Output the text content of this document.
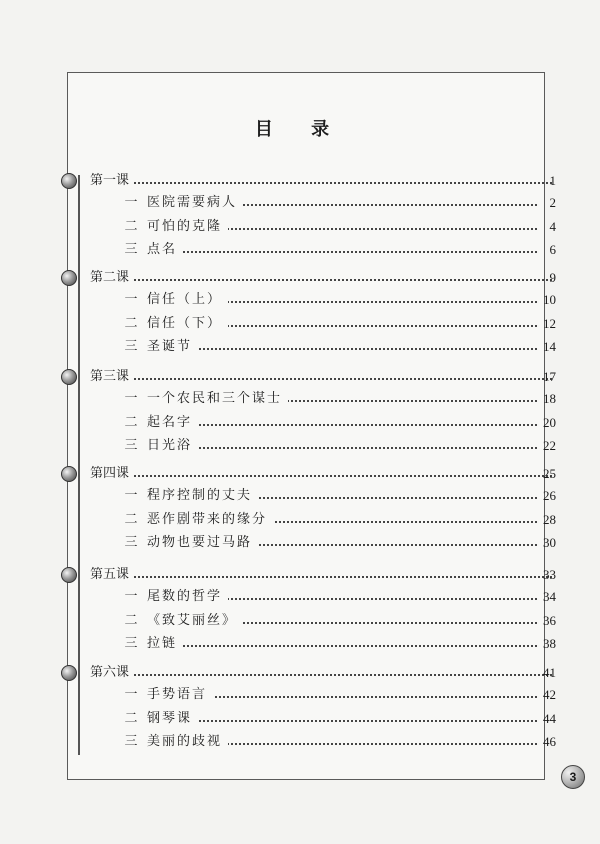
目 录
第一课	1
一 医院需要病人	2
二 可怕的克隆	4
三 点名	6
第二课	9
一 信任（上）	10
二 信任（下）	12
三 圣诞节	14
第三课	17
一 一个农民和三个谋士	18
二 起名字	20
三 日光浴	22
第四课	25
一 程序控制的丈夫	26
二 恶作剧带来的缘分	28
三 动物也要过马路	30
第五课	33
一 尾数的哲学	34
二 《致艾丽丝》	36
三 拉链	38
第六课	41
一 手势语言	42
二 钢琴课	44
三 美丽的歧视	46
3
